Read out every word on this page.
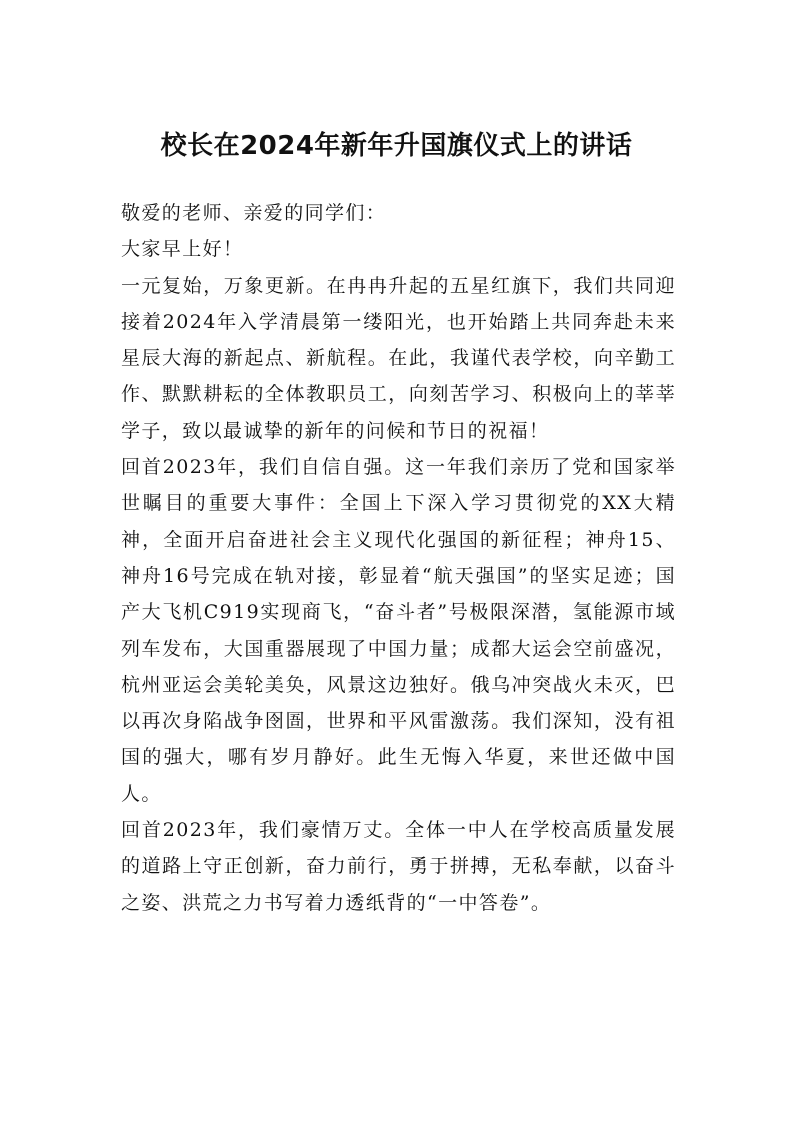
校长在2024年新年升国旗仪式上的讲话

敬爱的老师、亲爱的同学们：

大家早上好！

一元复始，万象更新。在冉冉升起的五星红旗下，我们共同迎接着2024年入学清晨第一缕阳光，也开始踏上共同奔赴未来星辰大海的新起点、新航程。在此，我谨代表学校，向辛勤工作、默默耕耘的全体教职员工，向刻苦学习、积极向上的莘莘学子，致以最诚挚的新年的问候和节日的祝福！

回首2023年，我们自信自强。这一年我们亲历了党和国家举世瞩目的重要大事件：全国上下深入学习贯彻党的XX大精神，全面开启奋进社会主义现代化强国的新征程；神舟15、神舟16号完成在轨对接，彰显着“航天强国”的坚实足迹；国产大飞机C919实现商飞，“奋斗者”号极限深潜，氢能源市域列车发布，大国重器展现了中国力量；成都大运会空前盛况，杭州亚运会美轮美奂，风景这边独好。俄乌冲突战火未灭，巴以再次身陷战争囹圄，世界和平风雷激荡。我们深知，没有祖国的强大，哪有岁月静好。此生无悔入华夏，来世还做中国人。

回首2023年，我们豪情万丈。全体一中人在学校高质量发展的道路上守正创新，奋力前行，勇于拼搏，无私奉献，以奋斗之姿、洪荒之力书写着力透纸背的“一中答卷”。
